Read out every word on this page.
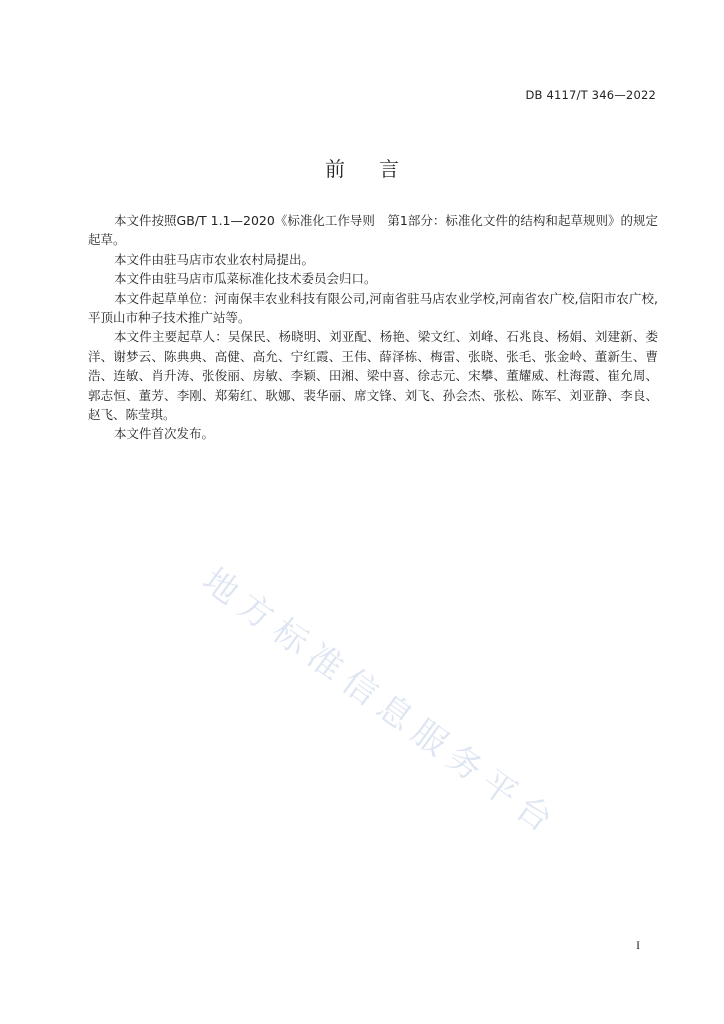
DB 4117/T 346—2022
前言

本文件按照GB/T 1.1—2020《标准化工作导则　第1部分：标准化文件的结构和起草规则》的规定起草。

本文件由驻马店市农业农村局提出。

本文件由驻马店市瓜菜标准化技术委员会归口。

本文件起草单位：河南保丰农业科技有限公司,河南省驻马店农业学校,河南省农广校,信阳市农广校,平顶山市种子技术推广站等。

本文件主要起草人：吴保民、杨晓明、刘亚配、杨艳、梁文红、刘峰、石兆良、杨娟、刘建新、娄洋、谢梦云、陈典典、高健、高允、宁红霞、王伟、薛泽栋、梅雷、张晓、张毛、张金岭、董新生、曹浩、连敏、肖升涛、张俊丽、房敏、李颖、田湘、梁中喜、徐志元、宋攀、董耀威、杜海霞、崔允周、郭志恒、董芳、李刚、郑菊红、耿娜、裴华丽、席文锋、刘飞、孙会杰、张松、陈军、刘亚静、李良、赵飞、陈莹琪。

本文件首次发布。

地方标准信息服务平台
I
